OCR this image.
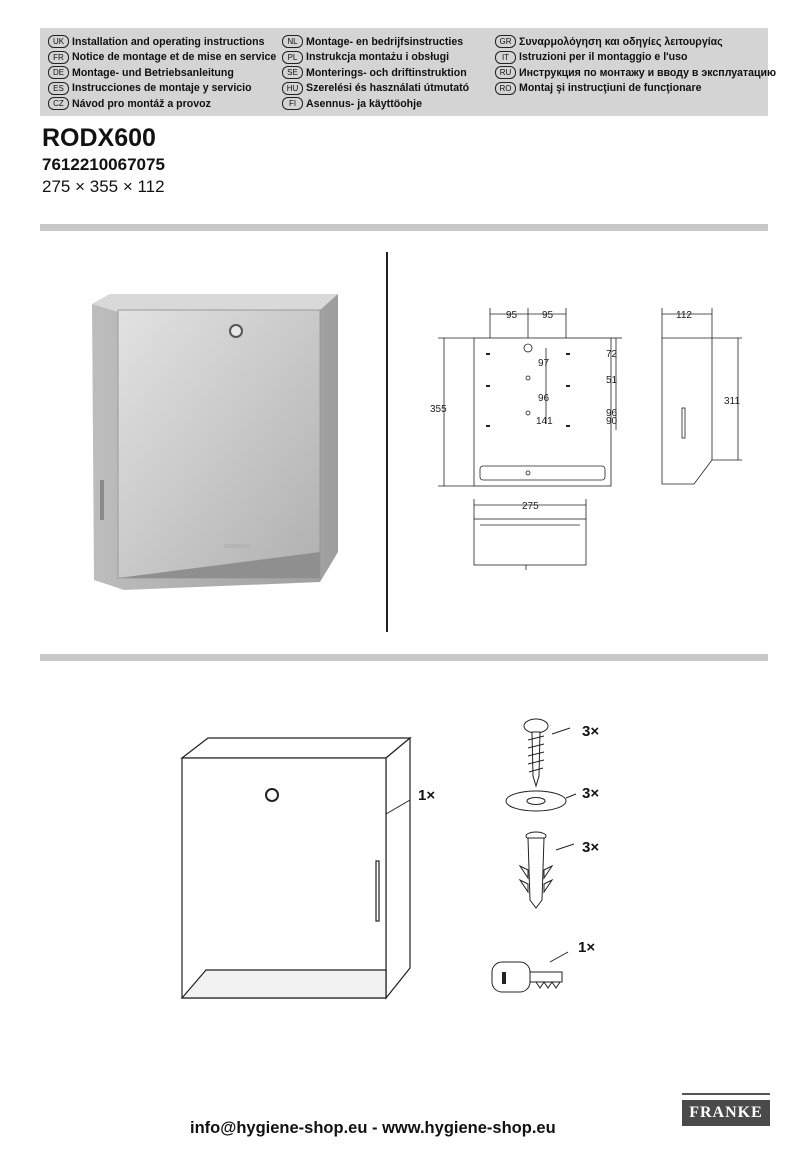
UK Installation and operating instructions
FR Notice de montage et de mise en service
DE Montage- und Betriebsanleitung
ES Instrucciones de montaje y servicio
CZ Návod pro montáž a provoz
NL Montage- en bedrijfsinstructies
PL Instrukcja montażu i obsługi
SE Monterings- och driftinstruktion
HU Szerelési és használati útmutató
FI Asennus- ja käyttöohje
GR Συναρμολόγηση και οδηγίες λειτουργίας
IT Istruzioni per il montaggio e l'uso
RU Инструкция по монтажу и вводу в эксплуатацию
RO Montaj şi instrucţiuni de funcţionare
RODX600
7612210067075
275 × 355 × 112
95 95
72
97
51
96
96
141	90
355
112
311
275
1×
3×
3×
3×
1×
FRANKE
info@hygiene-shop.eu - www.hygiene-shop.eu
